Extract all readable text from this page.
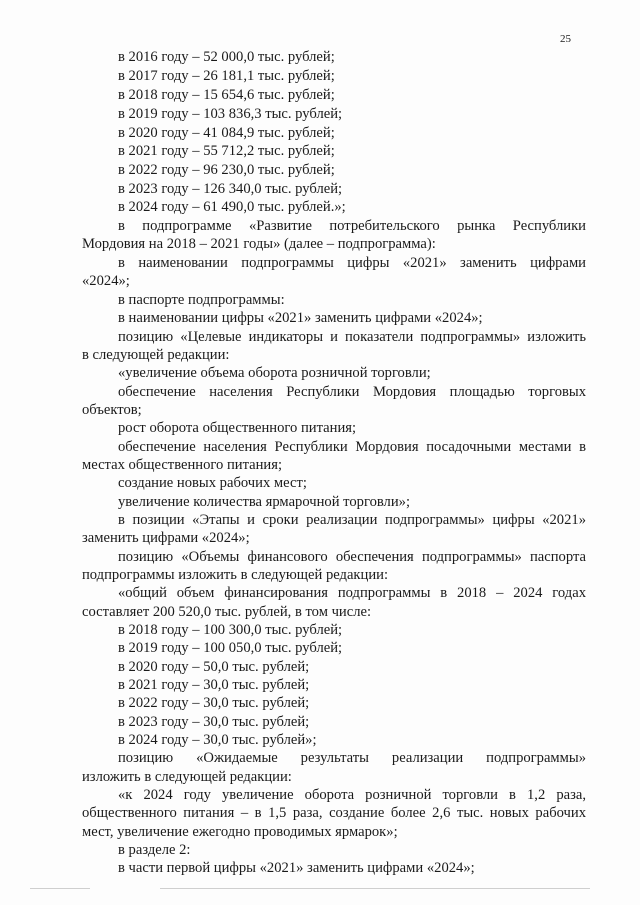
25
в 2016 году – 52 000,0 тыс. рублей;
в 2017 году – 26 181,1 тыс. рублей;
в 2018 году – 15 654,6 тыс. рублей;
в 2019 году – 103 836,3 тыс. рублей;
в 2020 году – 41 084,9 тыс. рублей;
в 2021 году – 55 712,2 тыс. рублей;
в 2022 году – 96 230,0 тыс. рублей;
в 2023 году – 126 340,0 тыс. рублей;
в 2024 году – 61 490,0 тыс. рублей.»;
в подпрограмме «Развитие потребительского рынка Республики
Мордовия на 2018 – 2021 годы» (далее – подпрограмма):
в наименовании подпрограммы цифры «2021» заменить цифрами
«2024»;
в паспорте подпрограммы:
в наименовании цифры «2021» заменить цифрами «2024»;
позицию «Целевые индикаторы и показатели подпрограммы» изложить
в следующей редакции:
«увеличение объема оборота розничной торговли;
обеспечение населения Республики Мордовия площадью торговых
объектов;
рост оборота общественного питания;
обеспечение населения Республики Мордовия посадочными местами в
местах общественного питания;
создание новых рабочих мест;
увеличение количества ярмарочной торговли»;
в позиции «Этапы и сроки реализации подпрограммы» цифры «2021»
заменить цифрами «2024»;
позицию «Объемы финансового обеспечения подпрограммы» паспорта
подпрограммы изложить в следующей редакции:
«общий объем финансирования подпрограммы в 2018 – 2024 годах
составляет 200 520,0 тыс. рублей, в том числе:
в 2018 году – 100 300,0 тыс. рублей;
в 2019 году – 100 050,0 тыс. рублей;
в 2020 году – 50,0 тыс. рублей;
в 2021 году – 30,0 тыс. рублей;
в 2022 году – 30,0 тыс. рублей;
в 2023 году – 30,0 тыс. рублей;
в 2024 году – 30,0 тыс. рублей»;
позицию «Ожидаемые результаты реализации подпрограммы»
изложить в следующей редакции:
«к 2024 году увеличение оборота розничной торговли в 1,2 раза,
общественного питания – в 1,5 раза, создание более 2,6 тыс. новых рабочих
мест, увеличение ежегодно проводимых ярмарок»;
в разделе 2:
в части первой цифры «2021» заменить цифрами «2024»;
